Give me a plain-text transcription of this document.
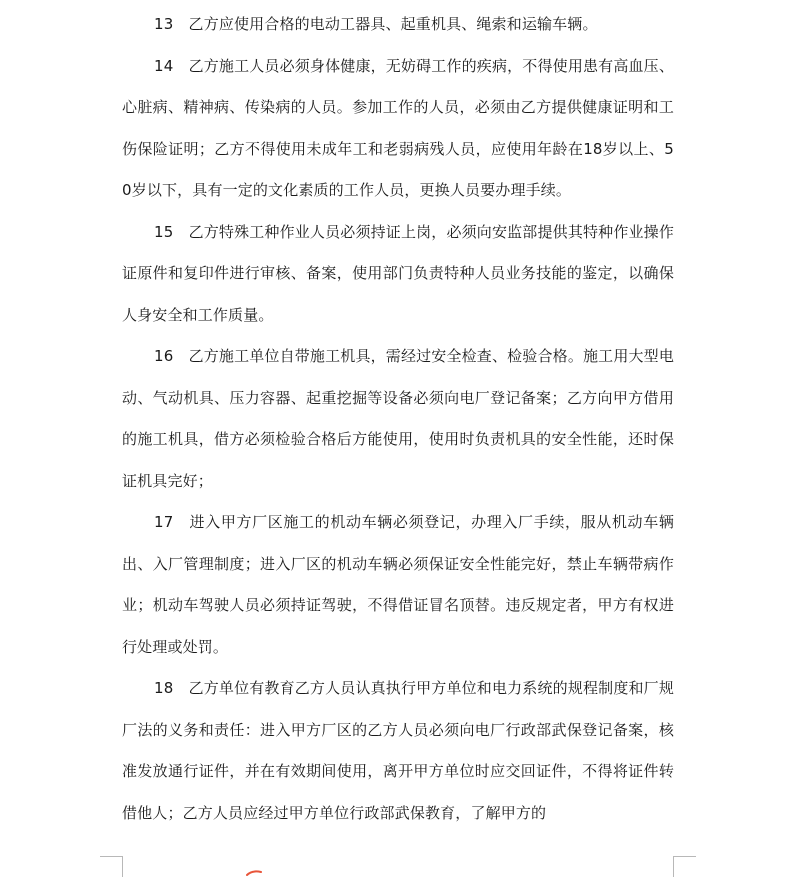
13　乙方应使用合格的电动工器具、起重机具、绳索和运输车辆。

14　乙方施工人员必须身体健康，无妨碍工作的疾病，不得使用患有高血压、心脏病、精神病、传染病的人员。参加工作的人员，必须由乙方提供健康证明和工伤保险证明；乙方不得使用未成年工和老弱病残人员，应使用年龄在18岁以上、50岁以下，具有一定的文化素质的工作人员，更换人员要办理手续。

15　乙方特殊工种作业人员必须持证上岗，必须向安监部提供其特种作业操作证原件和复印件进行审核、备案，使用部门负责特种人员业务技能的鉴定，以确保人身安全和工作质量。

16　乙方施工单位自带施工机具，需经过安全检查、检验合格。施工用大型电动、气动机具、压力容器、起重挖掘等设备必须向电厂登记备案；乙方向甲方借用的施工机具，借方必须检验合格后方能使用，使用时负责机具的安全性能，还时保证机具完好；

17　进入甲方厂区施工的机动车辆必须登记，办理入厂手续，服从机动车辆出、入厂管理制度；进入厂区的机动车辆必须保证安全性能完好，禁止车辆带病作业；机动车驾驶人员必须持证驾驶，不得借证冒名顶替。违反规定者，甲方有权进行处理或处罚。

18　乙方单位有教育乙方人员认真执行甲方单位和电力系统的规程制度和厂规厂法的义务和责任：进入甲方厂区的乙方人员必须向电厂行政部武保登记备案，核准发放通行证件，并在有效期间使用，离开甲方单位时应交回证件，不得将证件转借他人；乙方人员应经过甲方单位行政部武保教育，了解甲方的
